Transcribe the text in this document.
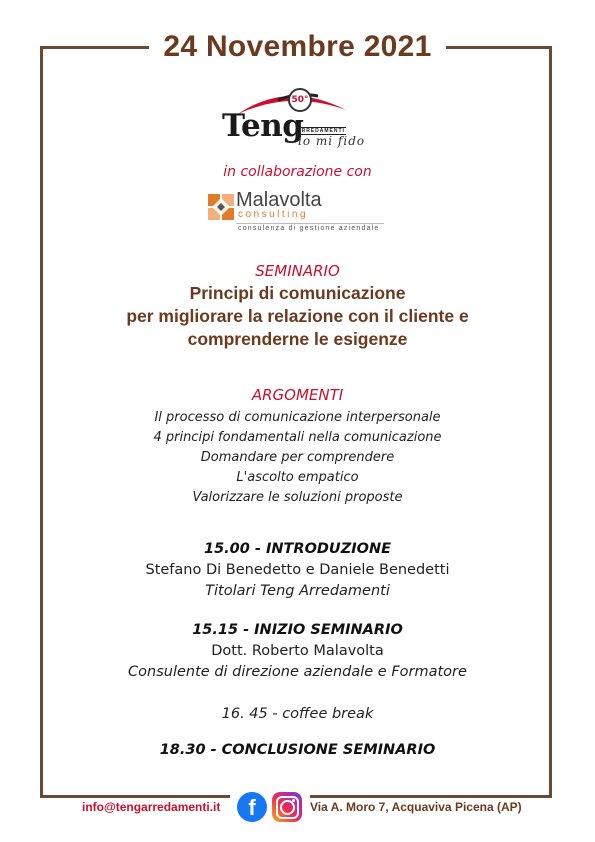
24 Novembre 2021
50°
Teng
ARREDAMENTI
io mi fido
in collaborazione con
Malavolta
consulting
consulenza di gestione aziendale
SEMINARIO
Principi di comunicazione
per migliorare la relazione con il cliente e
comprenderne le esigenze
ARGOMENTI
Il processo di comunicazione interpersonale
4 principi fondamentali nella comunicazione
Domandare per comprendere
L'ascolto empatico
Valorizzare le soluzioni proposte
15.00 - INTRODUZIONE
Stefano Di Benedetto e Daniele Benedetti
Titolari Teng Arredamenti
15.15 - INIZIO SEMINARIO
Dott. Roberto Malavolta
Consulente di direzione aziendale e Formatore
16. 45 - coffee break
18.30 - CONCLUSIONE SEMINARIO
info@tengarredamenti.it	f	Via A. Moro 7, Acquaviva Picena (AP)
